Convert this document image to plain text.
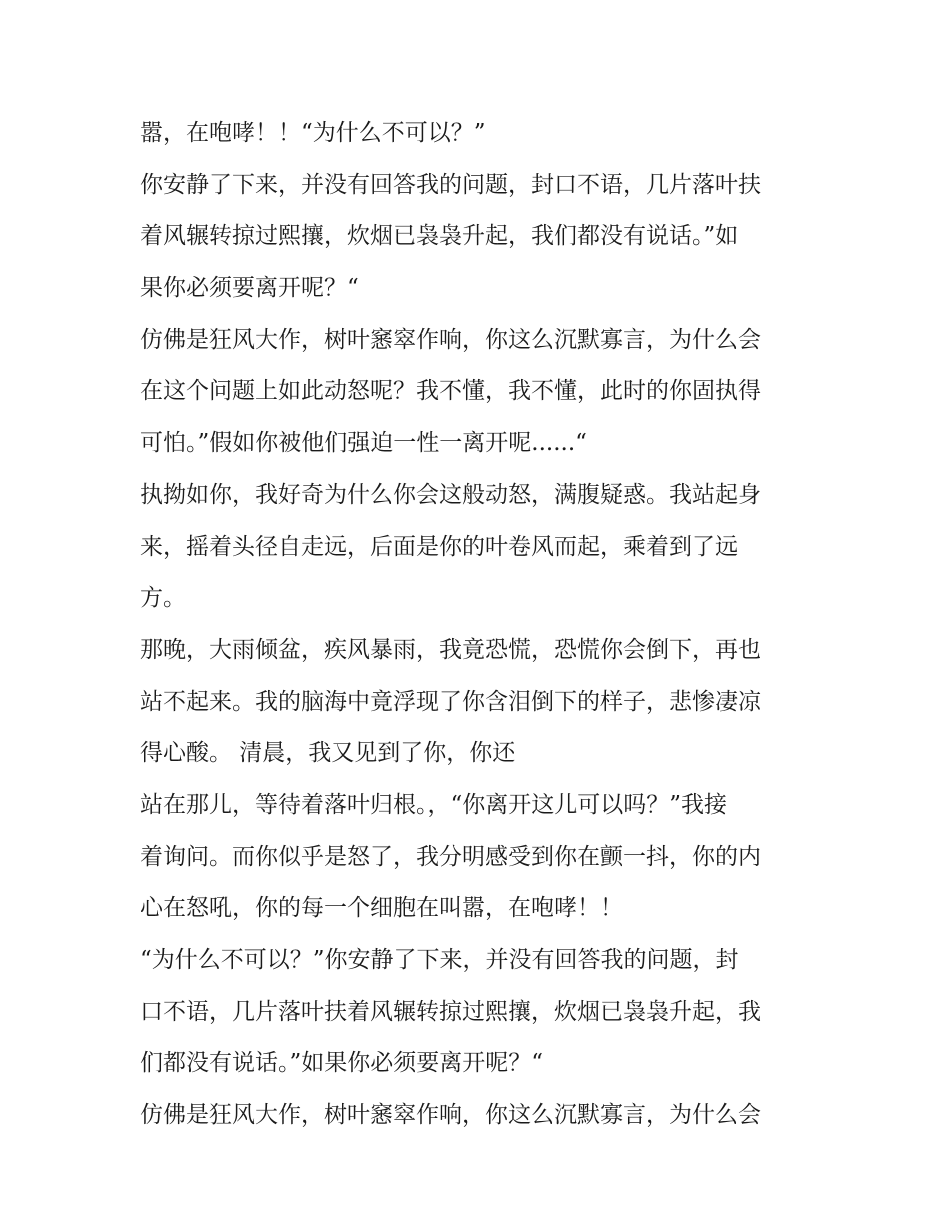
嚣，在咆哮！！“为什么不可以？”
你安静了下来，并没有回答我的问题，封口不语，几片落叶扶
着风辗转掠过熙攘，炊烟已袅袅升起，我们都没有说话。”如
果你必须要离开呢？“
仿佛是狂风大作，树叶窸窣作响，你这么沉默寡言，为什么会
在这个问题上如此动怒呢？我不懂，我不懂，此时的你固执得
可怕。”假如你被他们强迫一性一离开呢......“
执拗如你，我好奇为什么你会这般动怒，满腹疑惑。我站起身
来，摇着头径自走远，后面是你的叶卷风而起，乘着到了远
方。
那晚，大雨倾盆，疾风暴雨，我竟恐慌，恐慌你会倒下，再也
站不起来。我的脑海中竟浮现了你含泪倒下的样子，悲惨凄凉
得心酸。 清晨，我又见到了你，你还
站在那儿，等待着落叶归根。，“你离开这儿可以吗？”我接
着询问。而你似乎是怒了，我分明感受到你在颤一抖，你的内
心在怒吼，你的每一个细胞在叫嚣，在咆哮！！
“为什么不可以？”你安静了下来，并没有回答我的问题，封
口不语，几片落叶扶着风辗转掠过熙攘，炊烟已袅袅升起，我
们都没有说话。”如果你必须要离开呢？“
仿佛是狂风大作，树叶窸窣作响，你这么沉默寡言，为什么会
